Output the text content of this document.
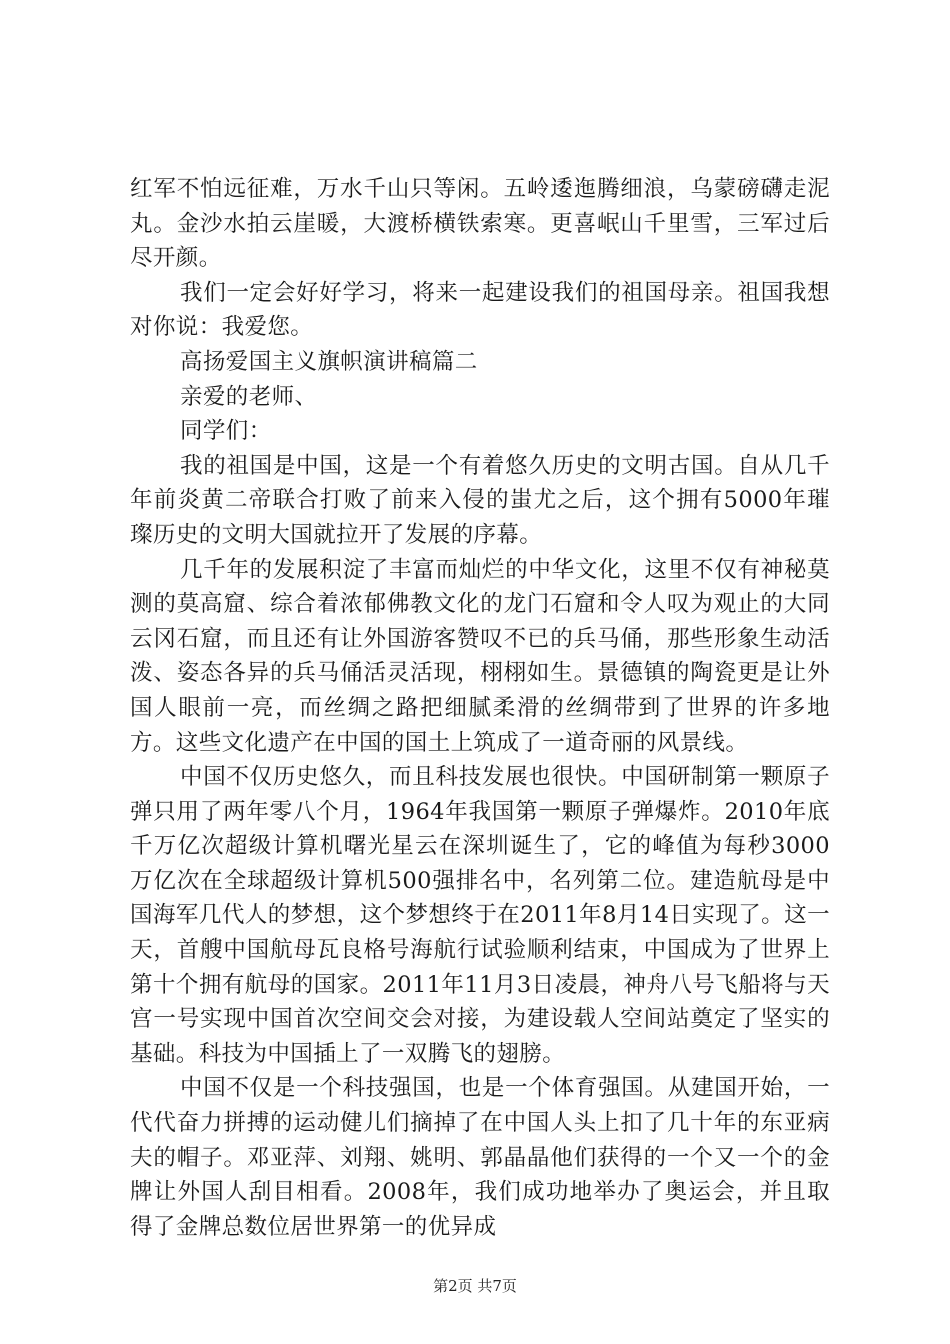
红军不怕远征难，万水千山只等闲。五岭逶迤腾细浪，乌蒙磅礴走泥丸。金沙水拍云崖暖，大渡桥横铁索寒。更喜岷山千里雪，三军过后尽开颜。

我们一定会好好学习，将来一起建设我们的祖国母亲。祖国我想对你说：我爱您。

高扬爱国主义旗帜演讲稿篇二

亲爱的老师、

同学们：

我的祖国是中国，这是一个有着悠久历史的文明古国。自从几千年前炎黄二帝联合打败了前来入侵的蚩尤之后，这个拥有5000年璀璨历史的文明大国就拉开了发展的序幕。

几千年的发展积淀了丰富而灿烂的中华文化，这里不仅有神秘莫测的莫高窟、综合着浓郁佛教文化的龙门石窟和令人叹为观止的大同云冈石窟，而且还有让外国游客赞叹不已的兵马俑，那些形象生动活泼、姿态各异的兵马俑活灵活现，栩栩如生。景德镇的陶瓷更是让外国人眼前一亮，而丝绸之路把细腻柔滑的丝绸带到了世界的许多地方。这些文化遗产在中国的国土上筑成了一道奇丽的风景线。

中国不仅历史悠久，而且科技发展也很快。中国研制第一颗原子弹只用了两年零八个月，1964年我国第一颗原子弹爆炸。2010年底千万亿次超级计算机曙光星云在深圳诞生了，它的峰值为每秒3000万亿次在全球超级计算机500强排名中，名列第二位。建造航母是中国海军几代人的梦想，这个梦想终于在2011年8月14日实现了。这一天，首艘中国航母瓦良格号海航行试验顺利结束，中国成为了世界上第十个拥有航母的国家。2011年11月3日凌晨，神舟八号飞船将与天宫一号实现中国首次空间交会对接，为建设载人空间站奠定了坚实的基础。科技为中国插上了一双腾飞的翅膀。

中国不仅是一个科技强国，也是一个体育强国。从建国开始，一代代奋力拼搏的运动健儿们摘掉了在中国人头上扣了几十年的东亚病夫的帽子。邓亚萍、刘翔、姚明、郭晶晶他们获得的一个又一个的金牌让外国人刮目相看。2008年，我们成功地举办了奥运会，并且取得了金牌总数位居世界第一的优异成

第2页 共7页
